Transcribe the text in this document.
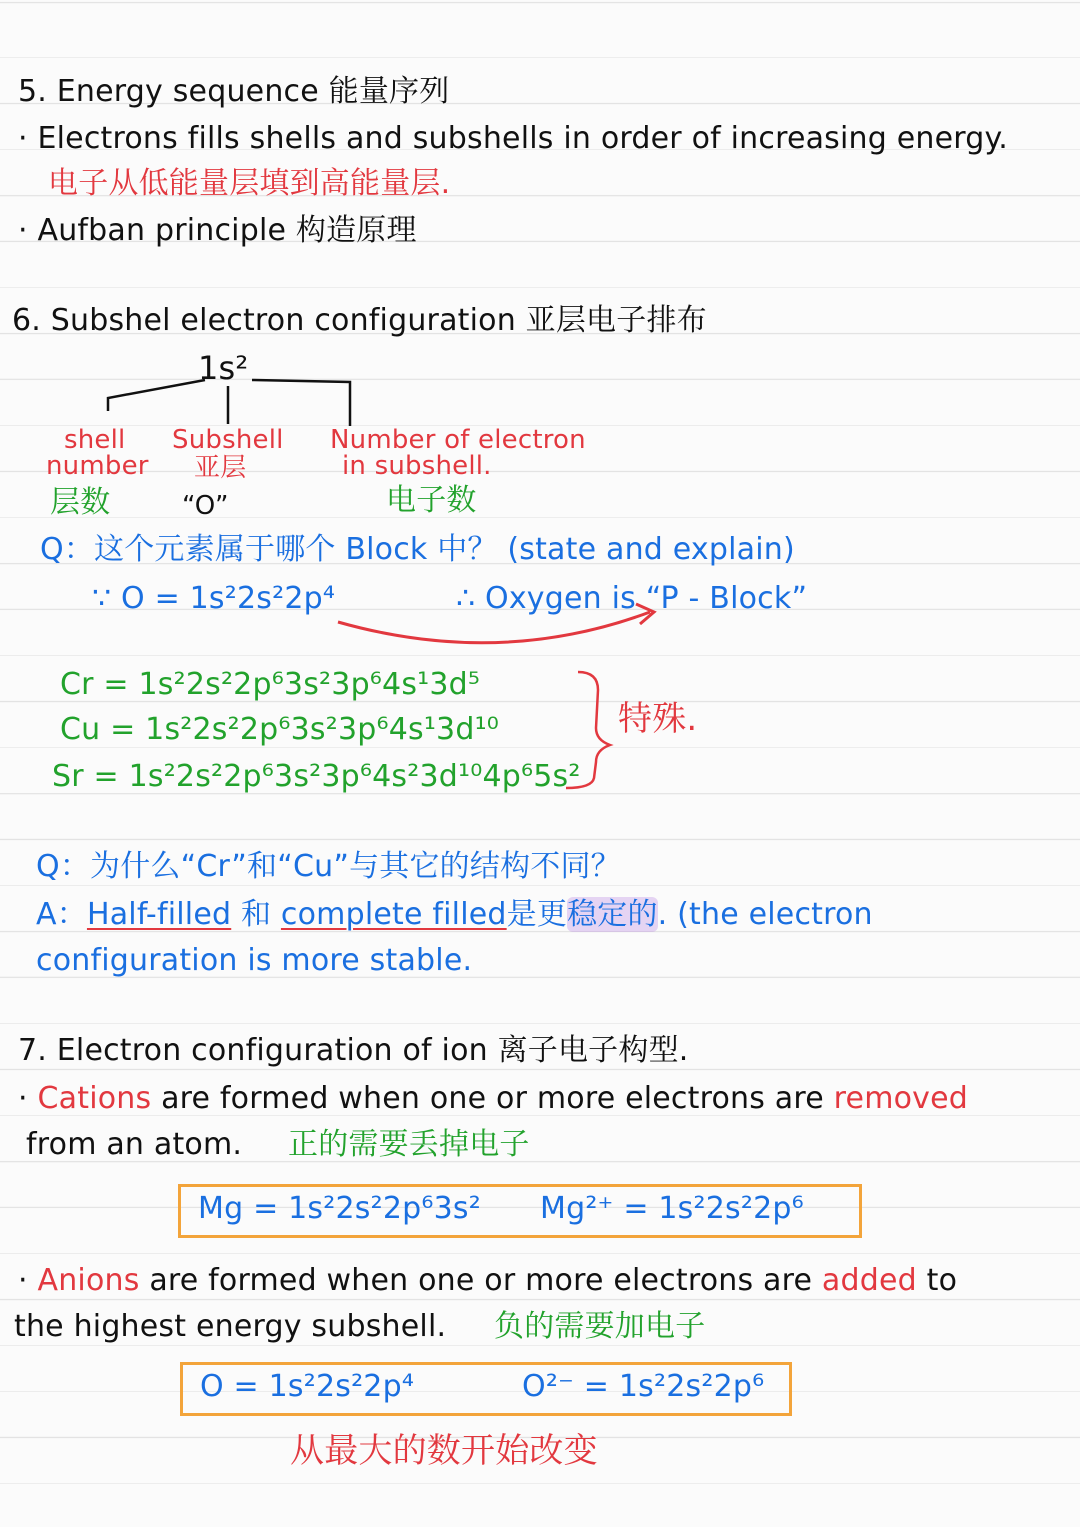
5. Energy sequence 能量序列
· Electrons fills shells and subshells in order of increasing energy.
电子从低能量层填到高能量层.
· Aufban principle 构造原理
6. Subshel electron configuration 亚层电子排布
1s²
shell
number
层数
Subshell
亚层
“O”
Number of electron
in subshell.
电子数
Q：这个元素属于哪个 Block 中？ (state and explain)
∵ O = 1s²2s²2p⁴	∴ Oxygen is “P - Block”
Cr = 1s²2s²2p⁶3s²3p⁶4s¹3d⁵
Cu = 1s²2s²2p⁶3s²3p⁶4s¹3d¹⁰
Sr = 1s²2s²2p⁶3s²3p⁶4s²3d¹⁰4p⁶5s²
特殊.
Q：为什么“Cr”和“Cu”与其它的结构不同？
A：Half-filled 和 complete filled是更稳定的. (the electron
configuration is more stable.
7. Electron configuration of ion 离子电子构型.
· Cations are formed when one or more electrons are removed
from an atom. 正的需要丢掉电子
Mg = 1s²2s²2p⁶3s² Mg²⁺ = 1s²2s²2p⁶
· Anions are formed when one or more electrons are added to
the highest energy subshell. 负的需要加电子
O = 1s²2s²2p⁴	O²⁻ = 1s²2s²2p⁶
从最大的数开始改变
